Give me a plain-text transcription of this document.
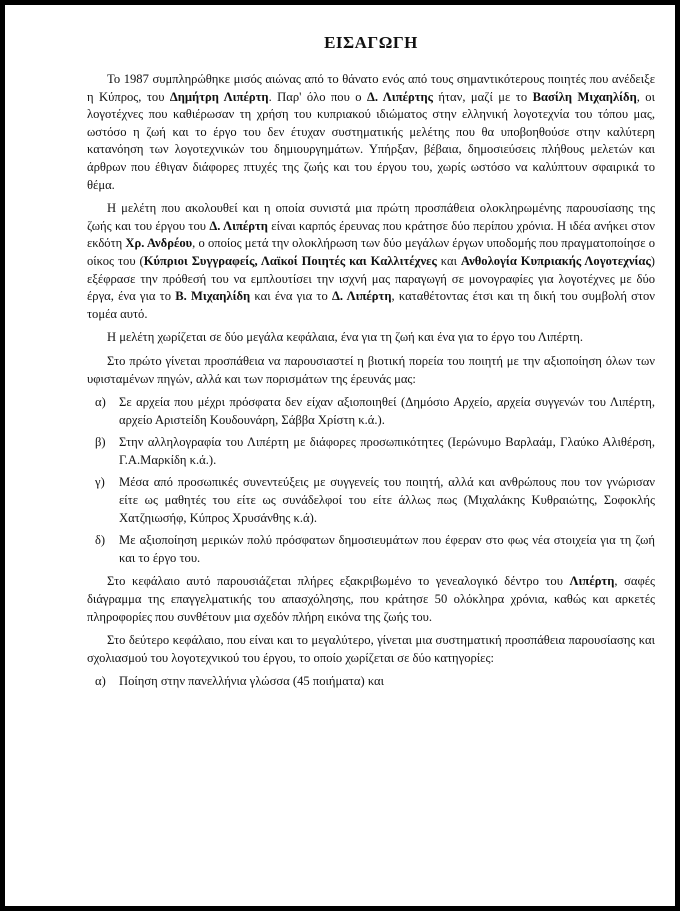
ΕΙΣΑΓΩΓΗ

Το 1987 συμπληρώθηκε μισός αιώνας από το θάνατο ενός από τους σημαντικότερους ποιητές που ανέδειξε η Κύπρος, του Δημήτρη Λιπέρτη. Παρ' όλο που ο Δ. Λιπέρτης ήταν, μαζί με το Βασίλη Μιχαηλίδη, οι λογοτέχνες που καθιέρωσαν τη χρήση του κυπριακού ιδιώματος στην ελληνική λογοτεχνία του τόπου μας, ωστόσο η ζωή και το έργο του δεν έτυχαν συστηματικής μελέτης που θα υποβοηθούσε στην καλύτερη κατανόηση των λογοτεχνικών του δημιουργημάτων. Υπήρξαν, βέβαια, δημοσιεύσεις πλήθους μελετών και άρθρων που έθιγαν διάφορες πτυχές της ζωής και του έργου του, χωρίς ωστόσο να καλύπτουν σφαιρικά το θέμα.

Η μελέτη που ακολουθεί και η οποία συνιστά μια πρώτη προσπάθεια ολοκληρωμένης παρουσίασης της ζωής και του έργου του Δ. Λιπέρτη είναι καρπός έρευνας που κράτησε δύο περίπου χρόνια. Η ιδέα ανήκει στον εκδότη Χρ. Ανδρέου, ο οποίος μετά την ολοκλήρωση των δύο μεγάλων έργων υποδομής που πραγματοποίησε ο οίκος του (Κύπριοι Συγγραφείς, Λαϊκοί Ποιητές και Καλλιτέχνες και Ανθολογία Κυπριακής Λογοτεχνίας) εξέφρασε την πρόθεσή του να εμπλουτίσει την ισχνή μας παραγωγή σε μονογραφίες για λογοτέχνες με δύο έργα, ένα για το Β. Μιχαηλίδη και ένα για το Δ. Λιπέρτη, καταθέτοντας έτσι και τη δική του συμβολή στον τομέα αυτό.

Η μελέτη χωρίζεται σε δύο μεγάλα κεφάλαια, ένα για τη ζωή και ένα για το έργο του Λιπέρτη.

Στο πρώτο γίνεται προσπάθεια να παρουσιαστεί η βιοτική πορεία του ποιητή με την αξιοποίηση όλων των υφισταμένων πηγών, αλλά και των πορισμάτων της έρευνάς μας:

α)	Σε αρχεία που μέχρι πρόσφατα δεν είχαν αξιοποιηθεί (Δημόσιο Αρχείο, αρχεία συγγενών του Λιπέρτη, αρχείο Αριστείδη Κουδουνάρη, Σάββα Χρίστη κ.ά.).
β)	Στην αλληλογραφία του Λιπέρτη με διάφορες προσωπικότητες (Ιερώνυμο Βαρλαάμ, Γλαύκο Αλιθέρση, Γ.Α.Μαρκίδη κ.ά.).
γ)	Μέσα από προσωπικές συνεντεύξεις με συγγενείς του ποιητή, αλλά και ανθρώπους που τον γνώρισαν είτε ως μαθητές του είτε ως συνάδελφοί του είτε άλλως πως (Μιχαλάκης Κυθραιώτης, Σοφοκλής Χατζηιωσήφ, Κύπρος Χρυσάνθης κ.ά).
δ)	Με αξιοποίηση μερικών πολύ πρόσφατων δημοσιευμάτων που έφεραν στο φως νέα στοιχεία για τη ζωή και το έργο του.

Στο κεφάλαιο αυτό παρουσιάζεται πλήρες εξακριβωμένο το γενεαλογικό δέντρο του Λιπέρτη, σαφές διάγραμμα της επαγγελματικής του απασχόλησης, που κράτησε 50 ολόκληρα χρόνια, καθώς και αρκετές πληροφορίες που συνθέτουν μια σχεδόν πλήρη εικόνα της ζωής του.

Στο δεύτερο κεφάλαιο, που είναι και το μεγαλύτερο, γίνεται μια συστηματική προσπάθεια παρουσίασης και σχολιασμού του λογοτεχνικού του έργου, το οποίο χωρίζεται σε δύο κατηγορίες:

α)	Ποίηση στην πανελλήνια γλώσσα (45 ποιήματα) και
